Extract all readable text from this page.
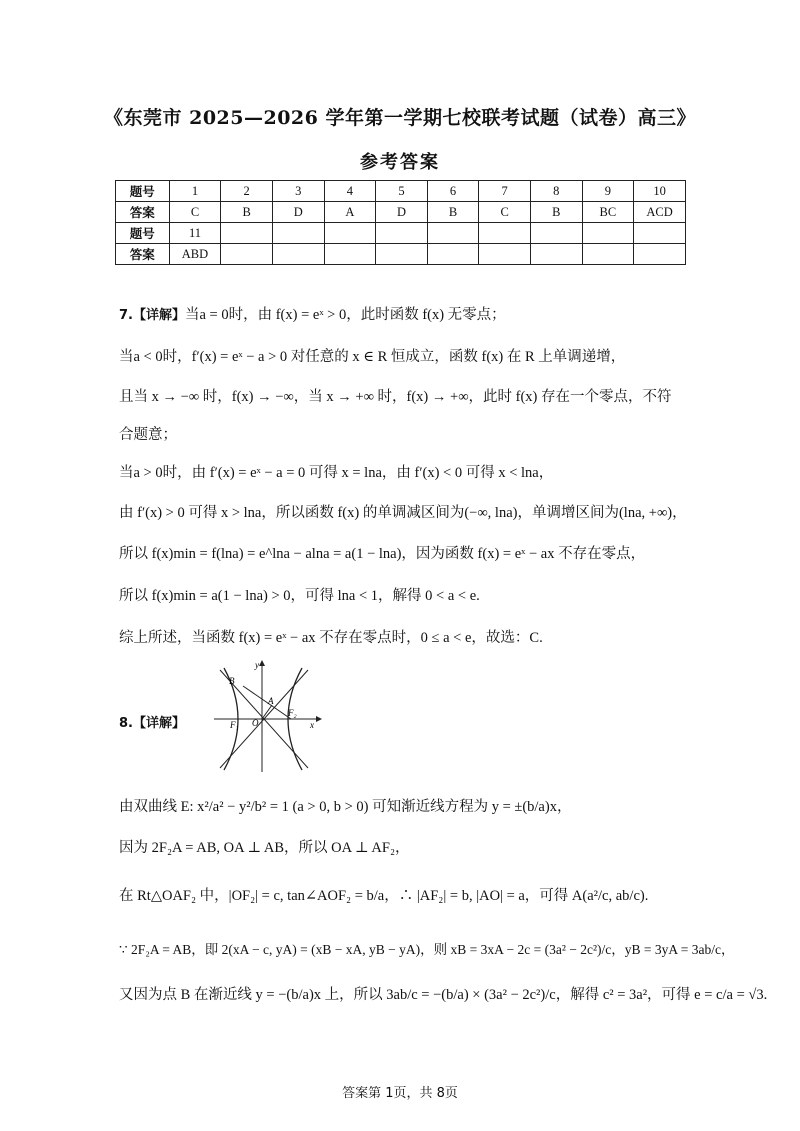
《东莞市 2025—2026 学年第一学期七校联考试题（试卷）高三》
参考答案
题号	1	2	3	4	5	6	7	8	9	10
答案	C	B	D	A	D	B	C	B	BC	ACD
题号	11									
答案	ABD									
7.【详解】当a = 0时，由 f(x) = eˣ > 0，此时函数 f(x) 无零点；
当a < 0时，f′(x) = eˣ − a > 0 对任意的 x ∈ R 恒成立，函数 f(x) 在 R 上单调递增，
且当 x → −∞ 时，f(x) → −∞，当 x → +∞ 时，f(x) → +∞，此时 f(x) 存在一个零点，不符
合题意；
当a > 0时，由 f′(x) = eˣ − a = 0 可得 x = lna，由 f′(x) < 0 可得 x < lna，
由 f′(x) > 0 可得 x > lna，所以函数 f(x) 的单调减区间为(−∞, lna)，单调增区间为(lna, +∞)，
所以 f(x)min = f(lna) = e^lna − alna = a(1 − lna)，因为函数 f(x) = eˣ − ax 不存在零点，
所以 f(x)min = a(1 − lna) > 0，可得 lna < 1，解得 0 < a < e.
综上所述，当函数 f(x) = eˣ − ax 不存在零点时，0 ≤ a < e，故选：C.
8.【详解】
y
B
A
O
F₂
F₁	x
由双曲线 E: x²/a² − y²/b² = 1 (a > 0, b > 0) 可知渐近线方程为 y = ±(b/a)x，
因为 2F₂A = AB, OA ⊥ AB，所以 OA ⊥ AF₂，
在 Rt△OAF₂ 中，|OF₂| = c, tan∠AOF₂ = b/a，∴ |AF₂| = b, |AO| = a，可得 A(a²/c, ab/c).
∵ 2F₂A = AB，即 2(xA − c, yA) = (xB − xA, yB − yA)，则 xB = 3xA − 2c = (3a² − 2c²)/c，yB = 3yA = 3ab/c，
又因为点 B 在渐近线 y = −(b/a)x 上，所以 3ab/c = −(b/a) × (3a² − 2c²)/c，解得 c² = 3a²，可得 e = c/a = √3.
答案第 1页，共 8页
